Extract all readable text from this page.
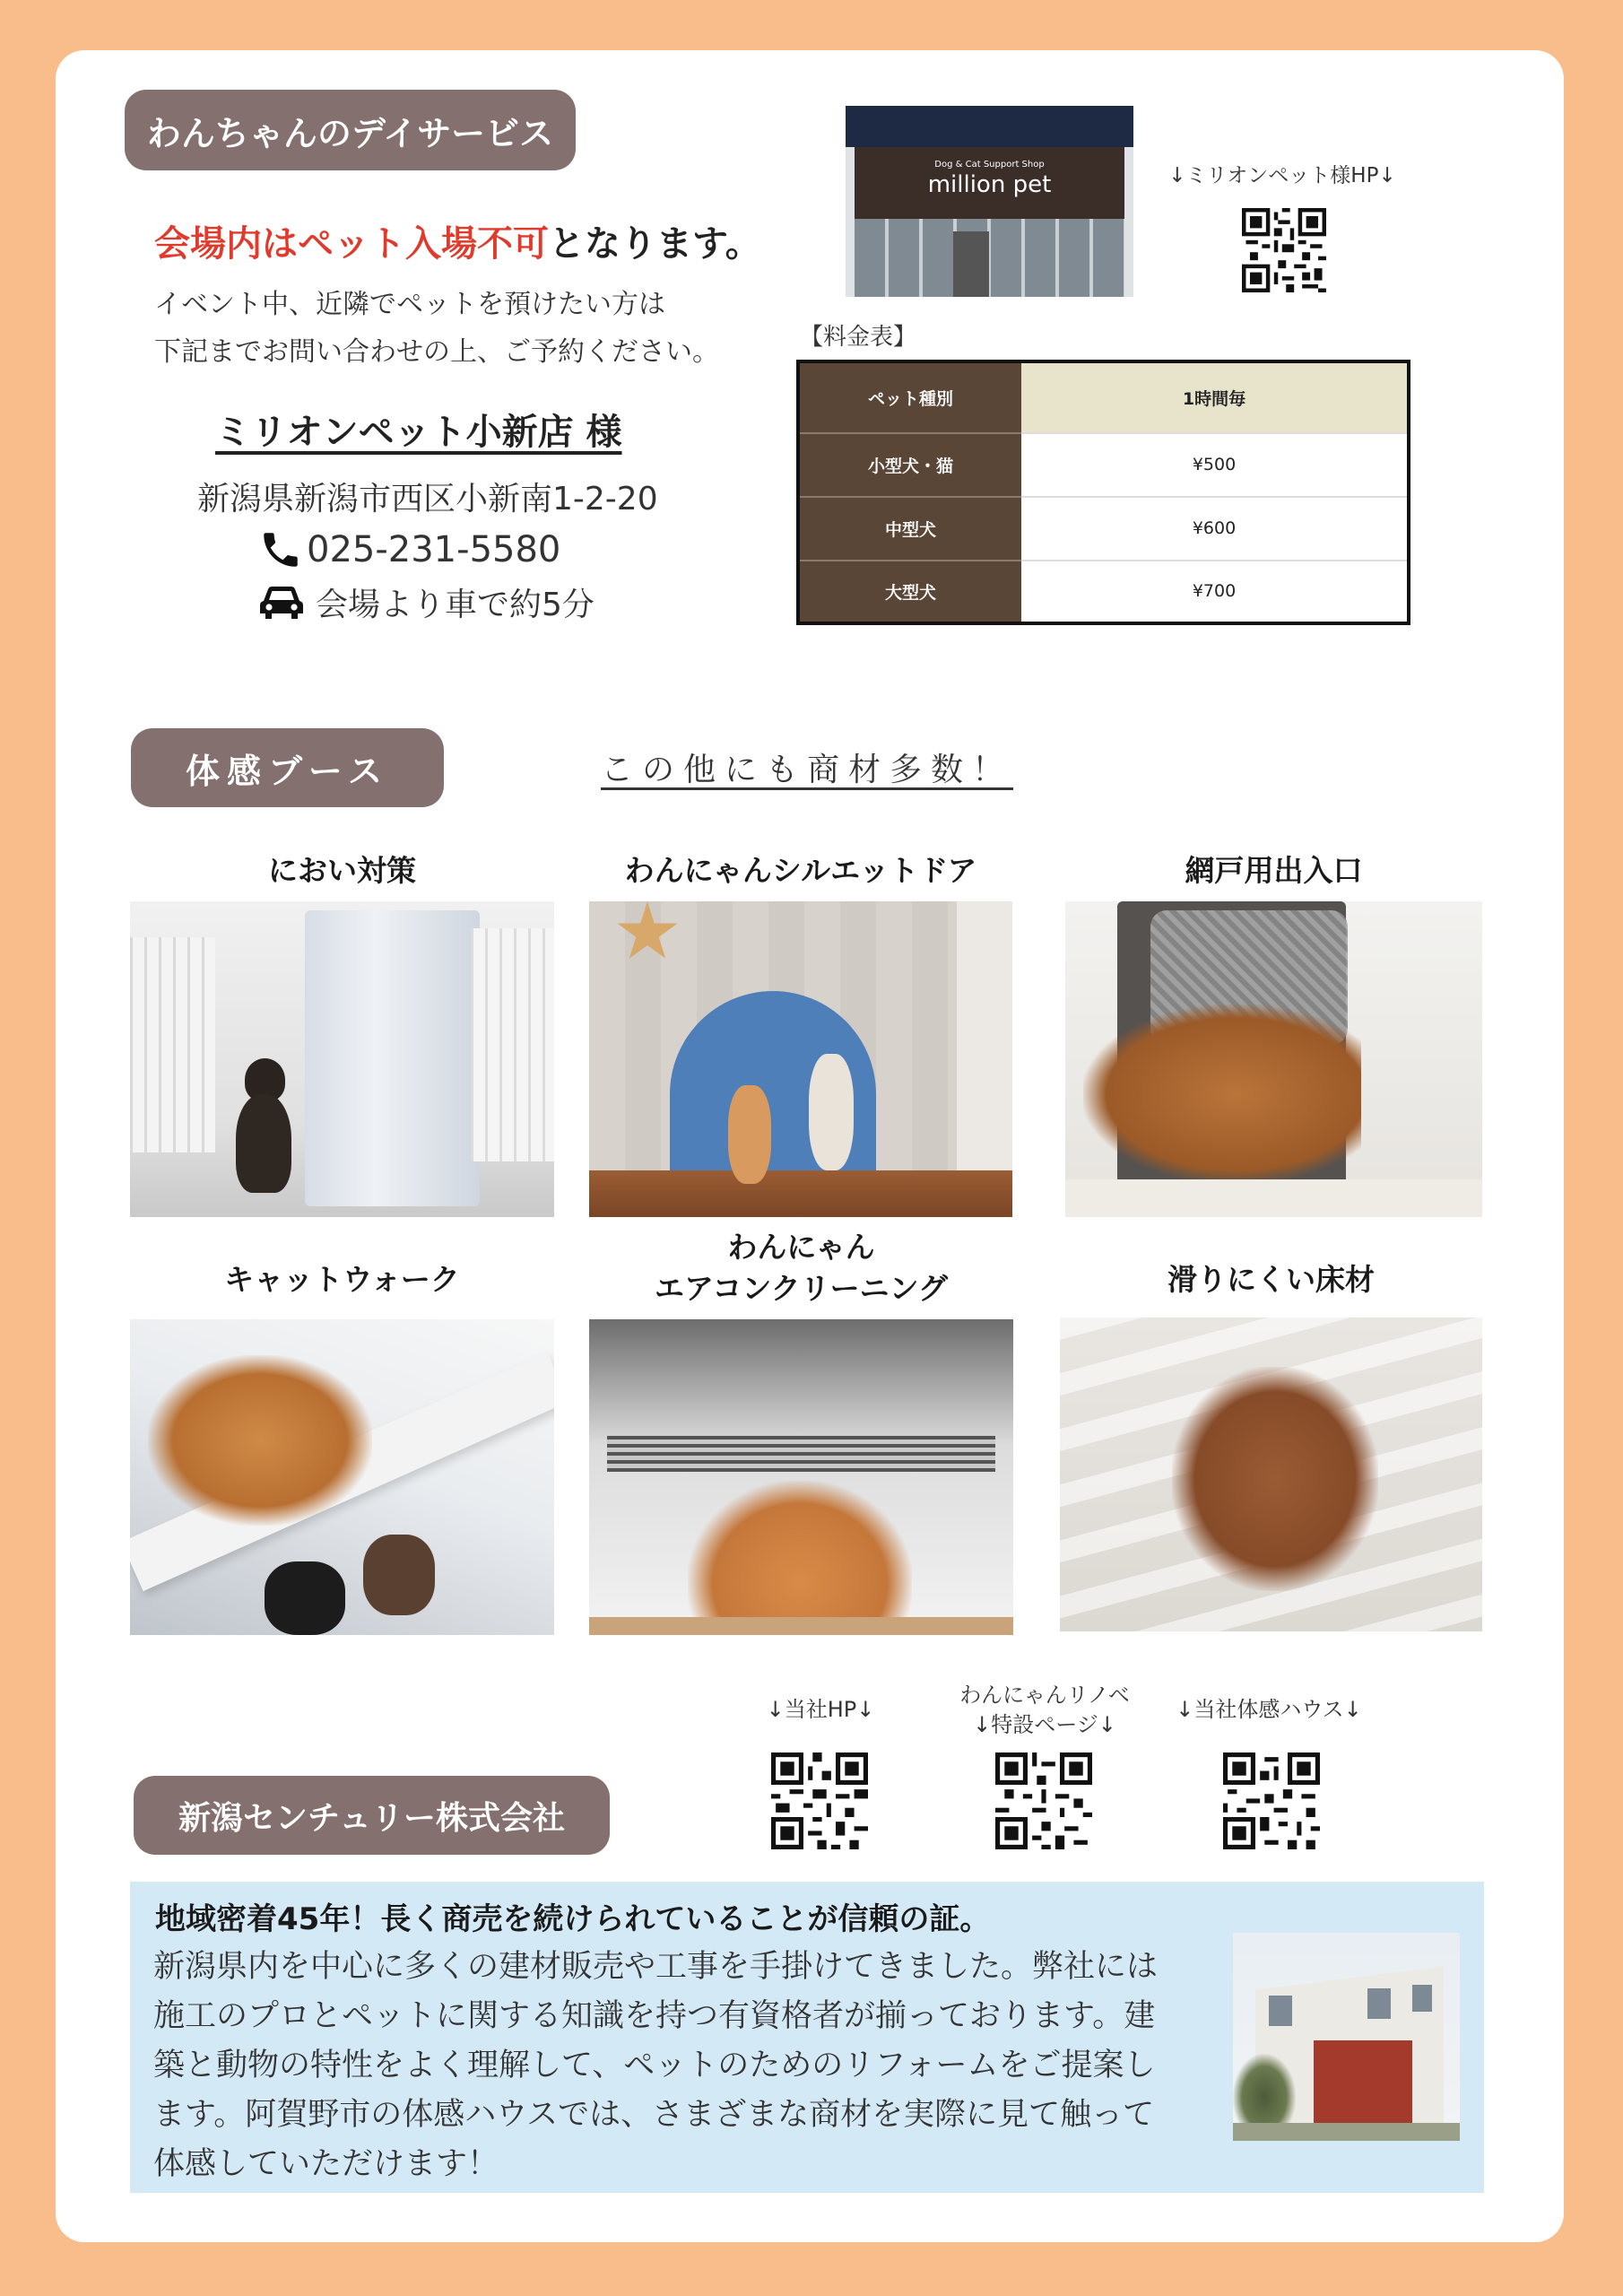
わんちゃんのデイサービス
会場内はペット入場不可となります。
イベント中、近隣でペットを預けたい方は
下記までお問い合わせの上、ご予約ください。
ミリオンペット小新店 様
新潟県新潟市西区小新南1-2-20
025-231-5580
会場より車で約5分
Dog & Cat Support Shop
million pet	↓ミリオンペット様HP↓
【料金表】
ペット種別	1時間毎
小型犬・猫	¥500
中型犬	¥600
大型犬	¥700
体感ブース	この他にも商材多数！
におい対策	わんにゃんシルエットドア	網戸用出入口
キャットウォーク
わんにゃん
エアコンクリーニング	滑りにくい床材
↓当社HP↓
わんにゃんリノベ
↓特設ページ↓
↓当社体感ハウス↓
新潟センチュリー株式会社
地域密着45年！長く商売を続けられていることが信頼の証。
新潟県内を中心に多くの建材販売や工事を手掛けてきました。弊社には
施工のプロとペットに関する知識を持つ有資格者が揃っております。建
築と動物の特性をよく理解して、ペットのためのリフォームをご提案し
ます。阿賀野市の体感ハウスでは、さまざまな商材を実際に見て触って
体感していただけます！
